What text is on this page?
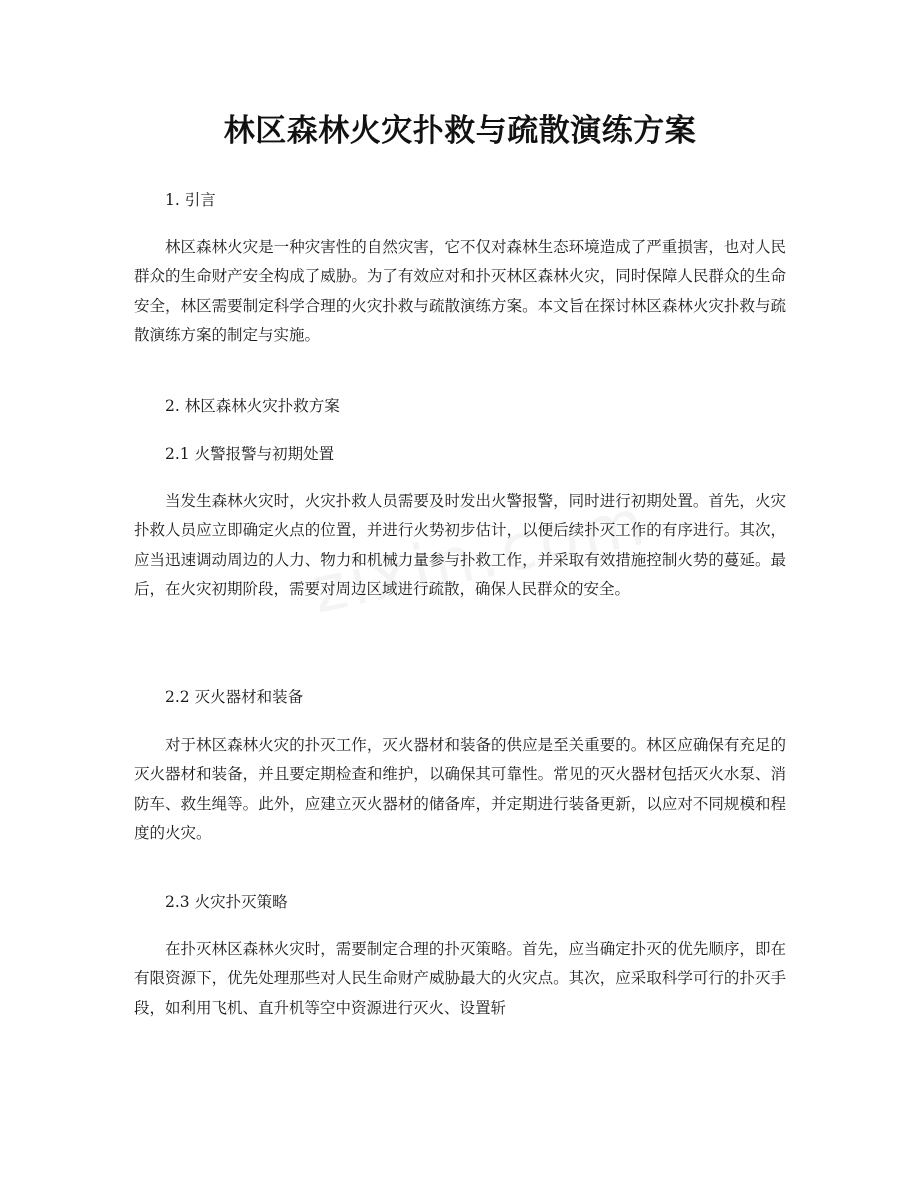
林区森林火灾扑救与疏散演练方案

1. 引言

林区森林火灾是一种灾害性的自然灾害，它不仅对森林生态环境造成了严重损害，也对人民群众的生命财产安全构成了威胁。为了有效应对和扑灭林区森林火灾，同时保障人民群众的生命安全，林区需要制定科学合理的火灾扑救与疏散演练方案。本文旨在探讨林区森林火灾扑救与疏散演练方案的制定与实施。

2. 林区森林火灾扑救方案

2.1 火警报警与初期处置

当发生森林火灾时，火灾扑救人员需要及时发出火警报警，同时进行初期处置。首先，火灾扑救人员应立即确定火点的位置，并进行火势初步估计，以便后续扑灭工作的有序进行。其次，应当迅速调动周边的人力、物力和机械力量参与扑救工作，并采取有效措施控制火势的蔓延。最后，在火灾初期阶段，需要对周边区域进行疏散，确保人民群众的安全。

2.2 灭火器材和装备

对于林区森林火灾的扑灭工作，灭火器材和装备的供应是至关重要的。林区应确保有充足的灭火器材和装备，并且要定期检查和维护，以确保其可靠性。常见的灭火器材包括灭火水泵、消防车、救生绳等。此外，应建立灭火器材的储备库，并定期进行装备更新，以应对不同规模和程度的火灾。

2.3 火灾扑灭策略

在扑灭林区森林火灾时，需要制定合理的扑灭策略。首先，应当确定扑灭的优先顺序，即在有限资源下，优先处理那些对人民生命财产威胁最大的火灾点。其次，应采取科学可行的扑灭手段，如利用飞机、直升机等空中资源进行灭火、设置斩
